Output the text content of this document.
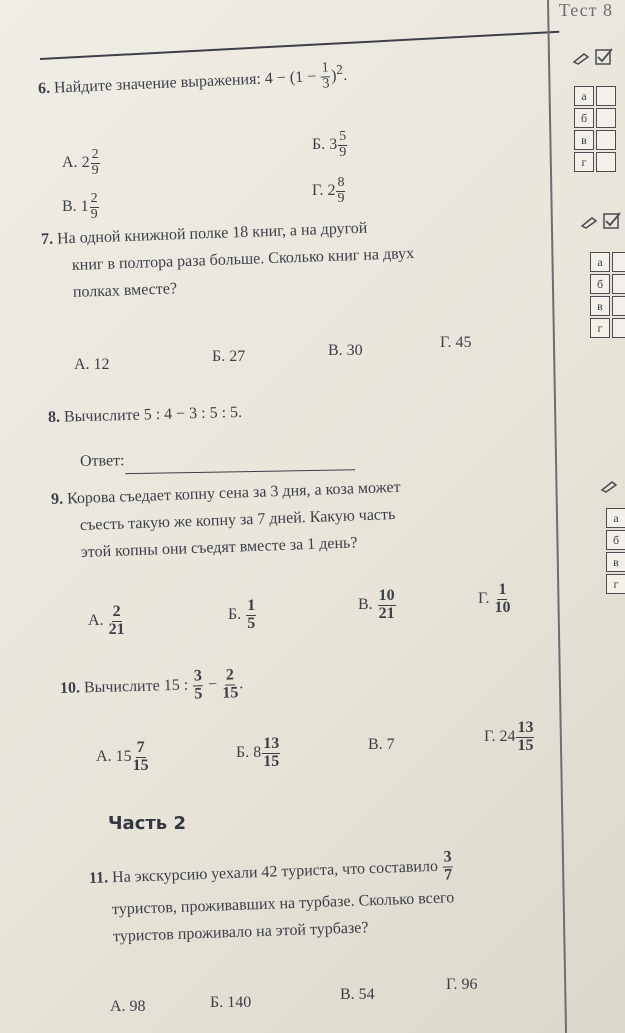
Тест 8
6. Найдите значение выражения: $4 - (1 - \frac{1}{3} )^2$.
А. $2 \frac{2}{9}$
Б. $3 \frac{5}{9}$
В. $1 \frac{2}{9}$
Г. $2 \frac{8}{9}$
7. На одной книжной полке 18 книг, а на другой
книг в полтора раза больше. Сколько книг на двух
полках вместе?
А. 12	Б. 27	В. 30	Г. 45
8. Вычислите 5 : 4 − 3 : 5 : 5.
Ответ:
9. Корова съедает копну сена за 3 дня, а коза может
съесть такую же копну за 7 дней. Какую часть
этой копны они съедят вместе за 1 день?
А. $\frac{2}{21}$	Б. $\frac{1}{5}$	В. $\frac{10}{21}$	Г. $\frac{1}{10}$
10. Вычислите 15 : $\frac{3}{5} - \frac{2}{15}$ .
А. $15 \frac{7}{15}$	Б. $8 \frac{13}{15}$	В. 7	Г. $24 \frac{13}{15}$
Часть 2
11. На экскурсию уехали 42 туриста, что составило $\frac{3}{7}$
туристов, проживавших на турбазе. Сколько всего
туристов проживало на этой турбазе?
А. 98	Б. 140	В. 54
Г. 96
а
б
в
г
а
б
в
г
а
б
в
г
